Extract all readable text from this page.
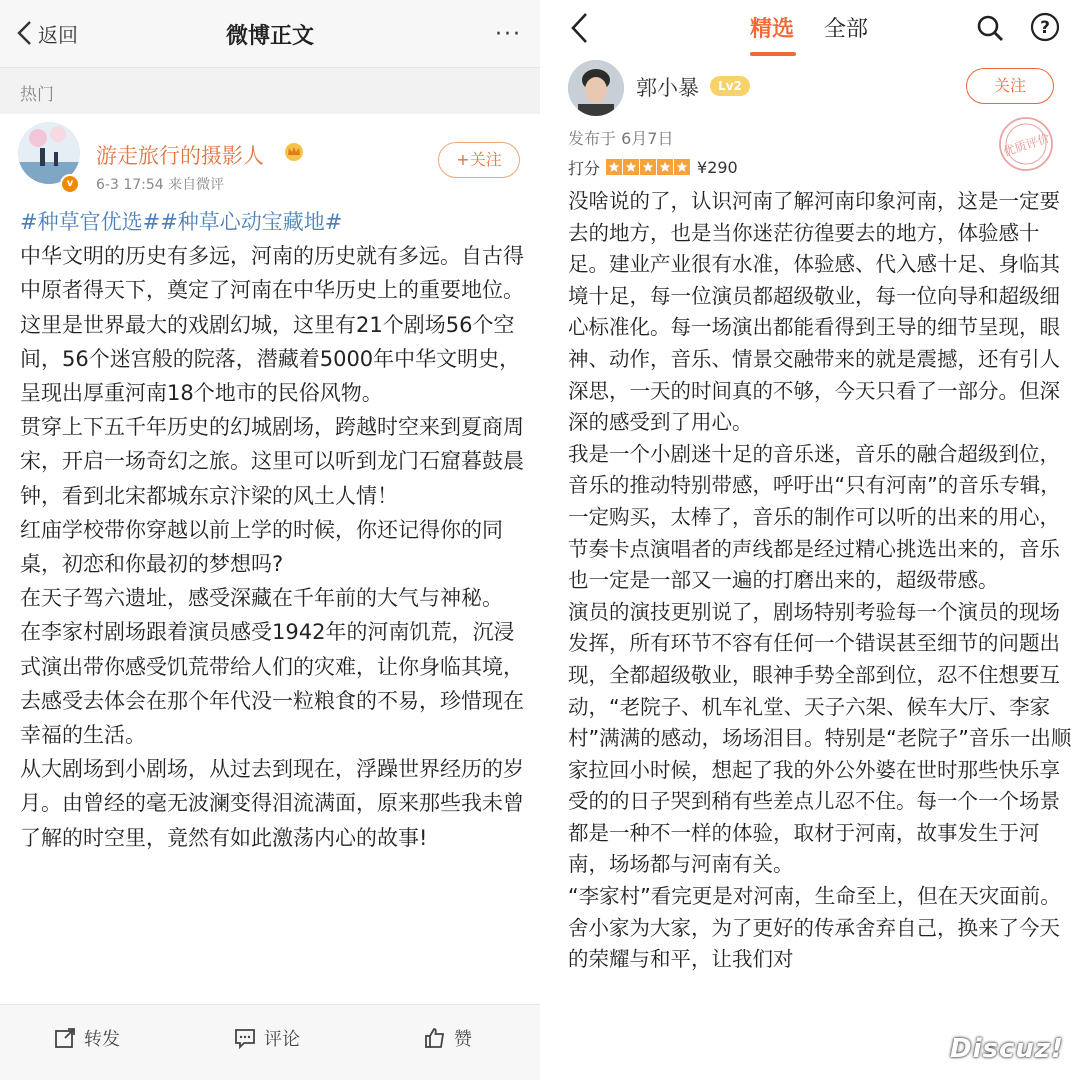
返回	微博正文	···
热门
v
游走旅行的摄影人
6-3 17:54 来自微评
+关注

#种草官优选##种草心动宝藏地#

中华文明的历史有多远，河南的历史就有多远。自古得中原者得天下，奠定了河南在中华历史上的重要地位。

这里是世界最大的戏剧幻城，这里有21个剧场56个空间，56个迷宫般的院落，潜藏着5000年中华文明史，呈现出厚重河南18个地市的民俗风物。

贯穿上下五千年历史的幻城剧场，跨越时空来到夏商周宋，开启一场奇幻之旅。这里可以听到龙门石窟暮鼓晨钟，看到北宋都城东京汴梁的风土人情！

红庙学校带你穿越以前上学的时候，你还记得你的同桌，初恋和你最初的梦想吗?

在天子驾六遗址，感受深藏在千年前的大气与神秘。

在李家村剧场跟着演员感受1942年的河南饥荒，沉浸式演出带你感受饥荒带给人们的灾难，让你身临其境，去感受去体会在那个年代没一粒粮食的不易，珍惜现在幸福的生活。

从大剧场到小剧场，从过去到现在，浮躁世界经历的岁月。由曾经的毫无波澜变得泪流满面，原来那些我未曾了解的时空里，竟然有如此激荡内心的故事!

转发	评论	赞
精选 全部	?
郭小暴	Lv2	关注
优质评价
发布于 6月7日
打分	¥290

没啥说的了，认识河南了解河南印象河南，这是一定要去的地方，也是当你迷茫彷徨要去的地方，体验感十足。建业产业很有水准，体验感、代入感十足、身临其境十足，每一位演员都超级敬业，每一位向导和超级细心标准化。每一场演出都能看得到王导的细节呈现，眼神、动作，音乐、情景交融带来的就是震撼，还有引人深思，一天的时间真的不够，今天只看了一部分。但深深的感受到了用心。

我是一个小剧迷十足的音乐迷，音乐的融合超级到位，音乐的推动特别带感，呼吁出“只有河南”的音乐专辑，一定购买，太棒了，音乐的制作可以听的出来的用心，节奏卡点演唱者的声线都是经过精心挑选出来的，音乐也一定是一部又一遍的打磨出来的，超级带感。

演员的演技更别说了，剧场特别考验每一个演员的现场发挥，所有环节不容有任何一个错误甚至细节的问题出现，全都超级敬业，眼神手势全部到位，忍不住想要互动，“老院子、机车礼堂、天子六架、候车大厅、李家村”满满的感动，场场泪目。特别是“老院子”音乐一出顺家拉回小时候，想起了我的外公外婆在世时那些快乐享受的的日子哭到稍有些差点儿忍不住。每一个一个场景都是一种不一样的体验，取材于河南，故事发生于河南，场场都与河南有关。

“李家村”看完更是对河南，生命至上，但在天灾面前。舍小家为大家，为了更好的传承舍弃自己，换来了今天的荣耀与和平，让我们对

Discuz!
